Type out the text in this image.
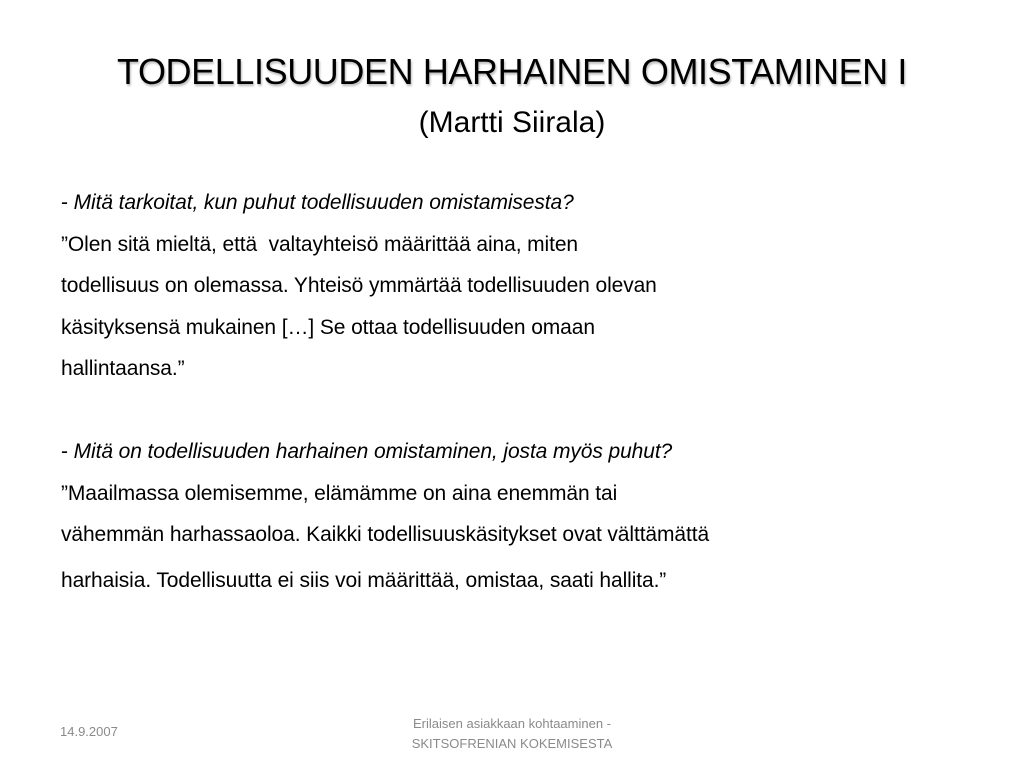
TODELLISUUDEN HARHAINEN OMISTAMINEN I
(Martti Siirala)
- Mitä tarkoitat, kun puhut todellisuuden omistamisesta?
”Olen sitä mieltä, että  valtayhteisö määrittää aina, miten
todellisuus on olemassa. Yhteisö ymmärtää todellisuuden olevan
käsityksensä mukainen […] Se ottaa todellisuuden omaan
hallintaansa.”
- Mitä on todellisuuden harhainen omistaminen, josta myös puhut?
”Maailmassa olemisemme, elämämme on aina enemmän tai
vähemmän harhassaoloa. Kaikki todellisuuskäsitykset ovat välttämättä
harhaisia. Todellisuutta ei siis voi määrittää, omistaa, saati hallita.”
14.9.2007
Erilaisen asiakkaan kohtaaminen -
SKITSOFRENIAN KOKEMISESTA
